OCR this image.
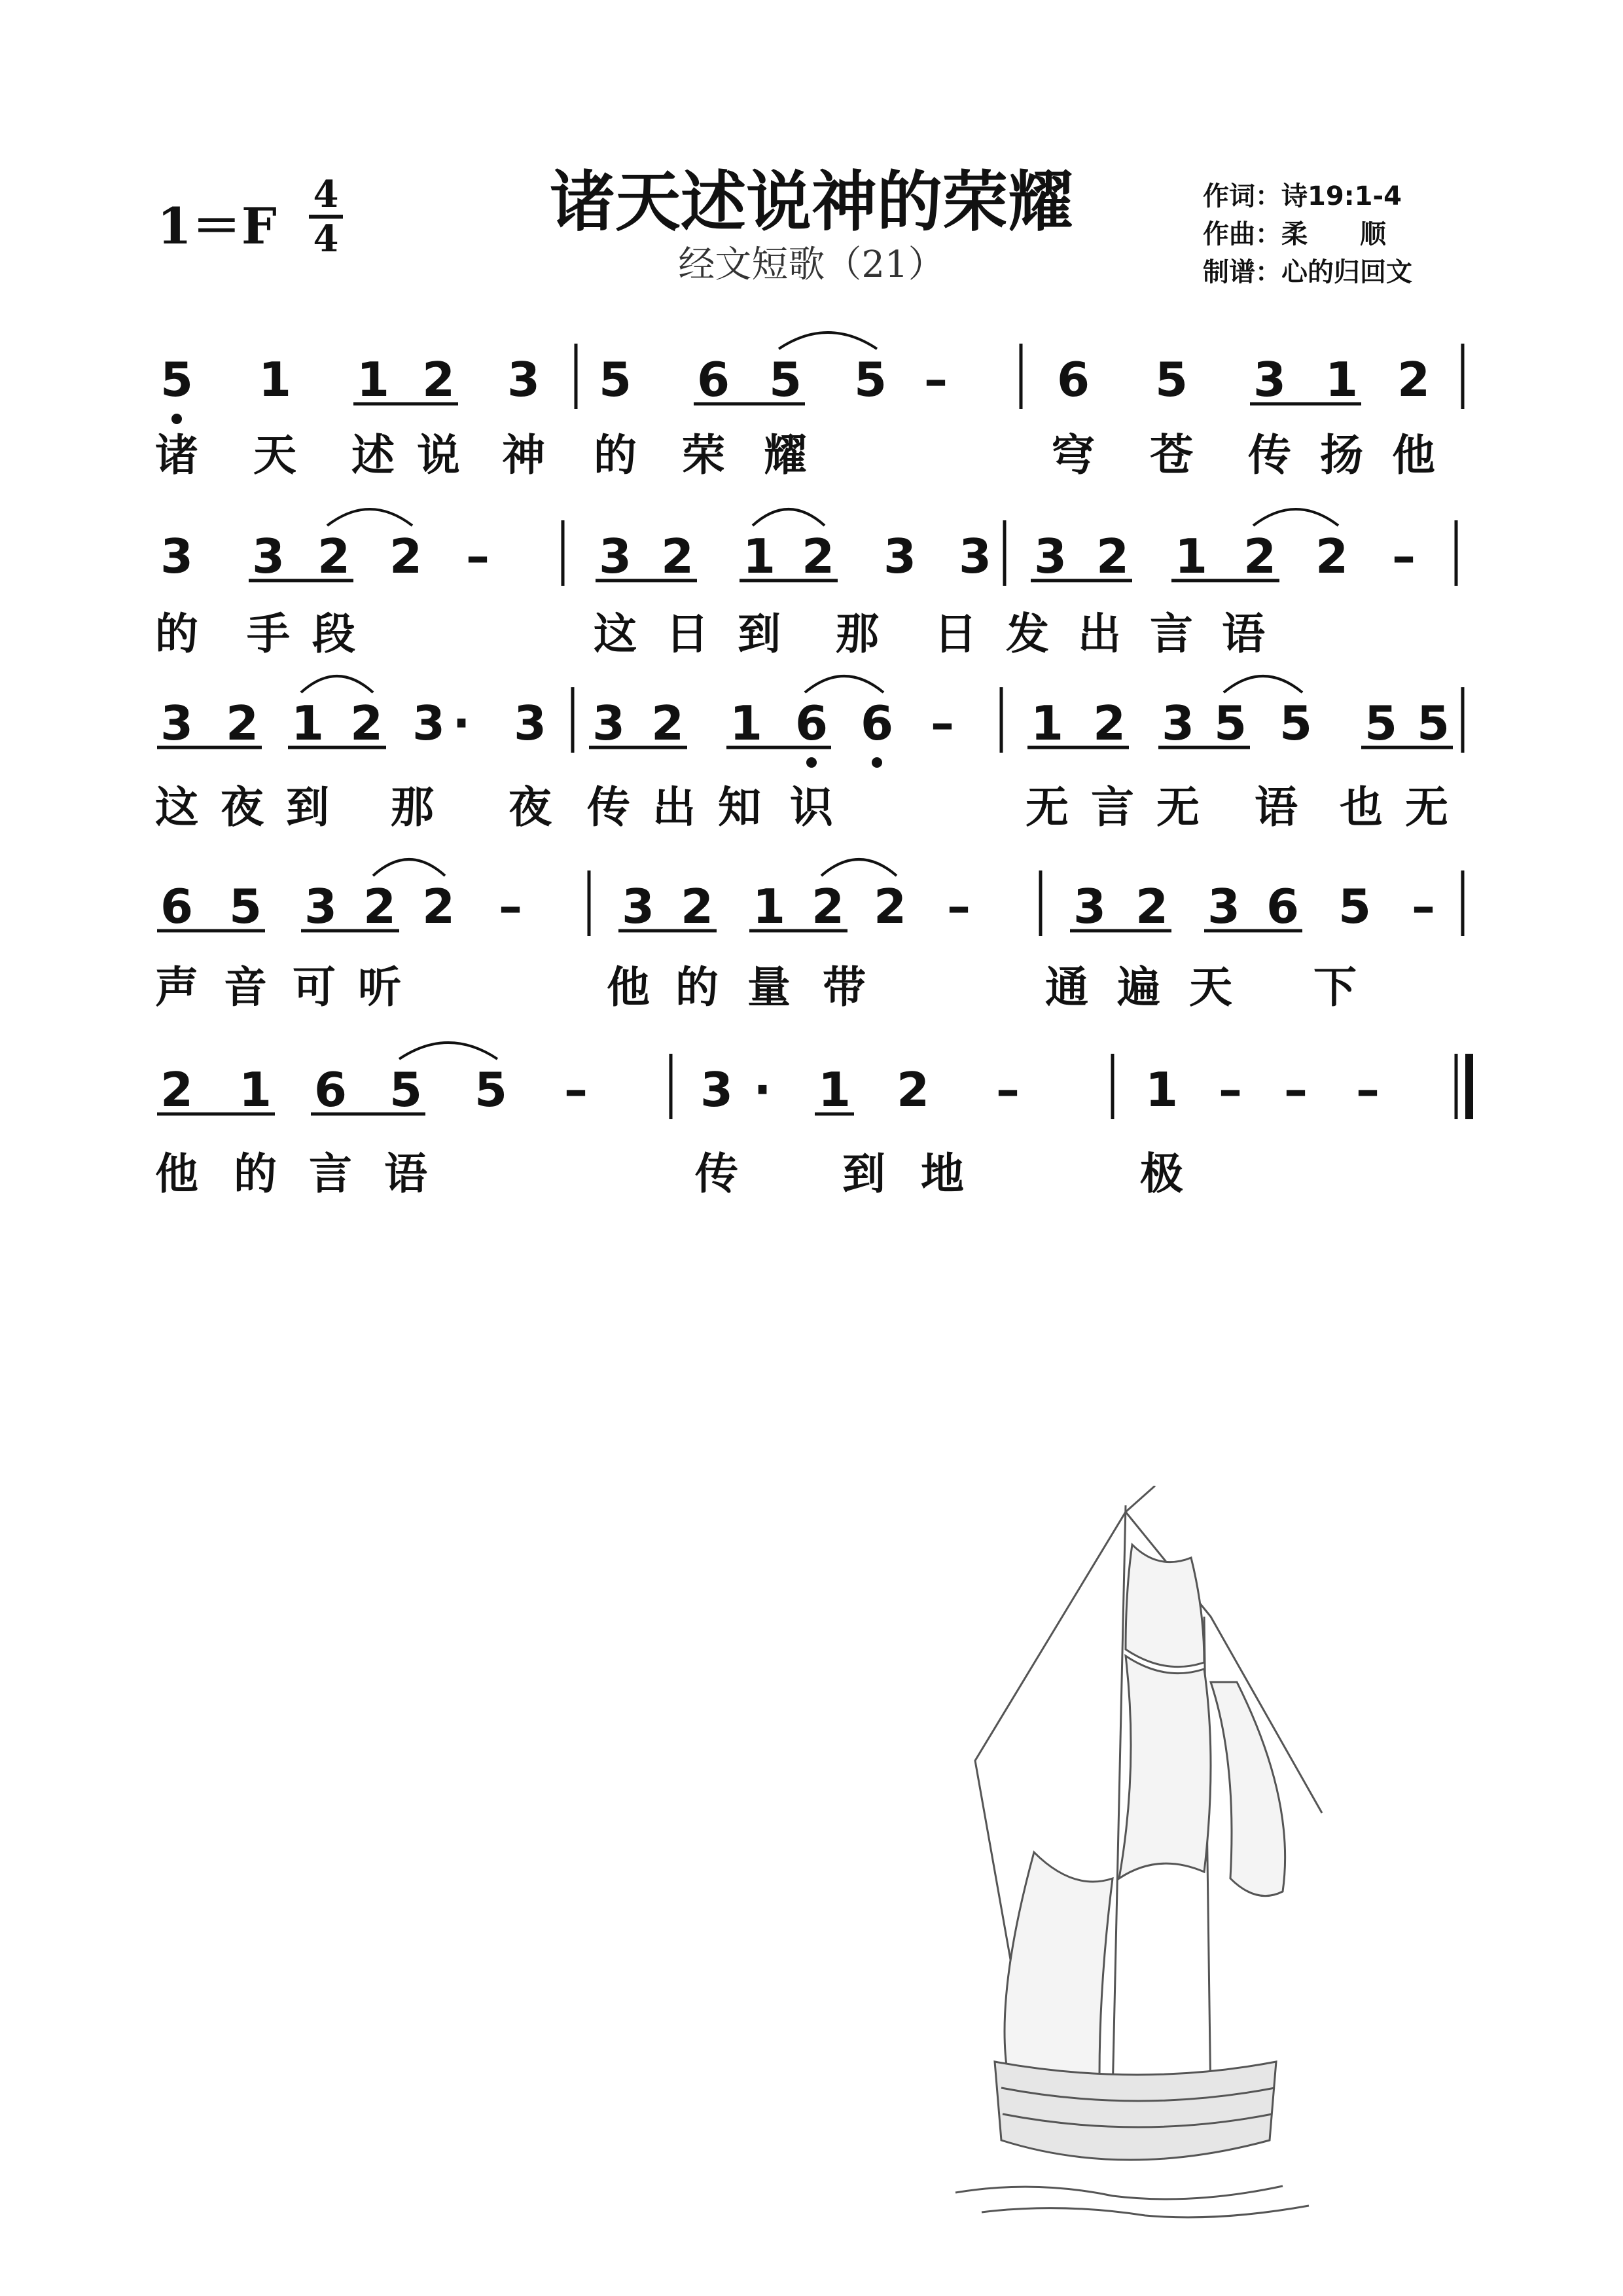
1＝F
4
4	诸天述说神的荣耀
经文短歌（21）
作词：诗19:1-4
作曲：柔　　顺
制谱：心的归回文
5 1 1 2 3 5 6 5 5 – 6 5 3 1 2
3 3 2 2 – 3 2 1 2 3 3 3 2 1 2 2 –
3 2 1 2 3 · 3 3 2 1 6 6 – 1 2 3 5 5 5 5
6 5 3 2 2 – 3 2 1 2 2 – 3 2 3 6 5 –
2 1 6 5 5 – 3 · 1 2 –	1 – – –
诸 天 述 说 神 的 荣 耀	穹 苍 传 扬 他
的 手 段	这 日 到 那 日 发 出 言 语
这 夜 到 那 夜 传 出 知 识	无 言 无 语 也 无
声 音 可 听	他 的 量 带	通 遍 天 下
他 的 言 语	传 到 地	极
